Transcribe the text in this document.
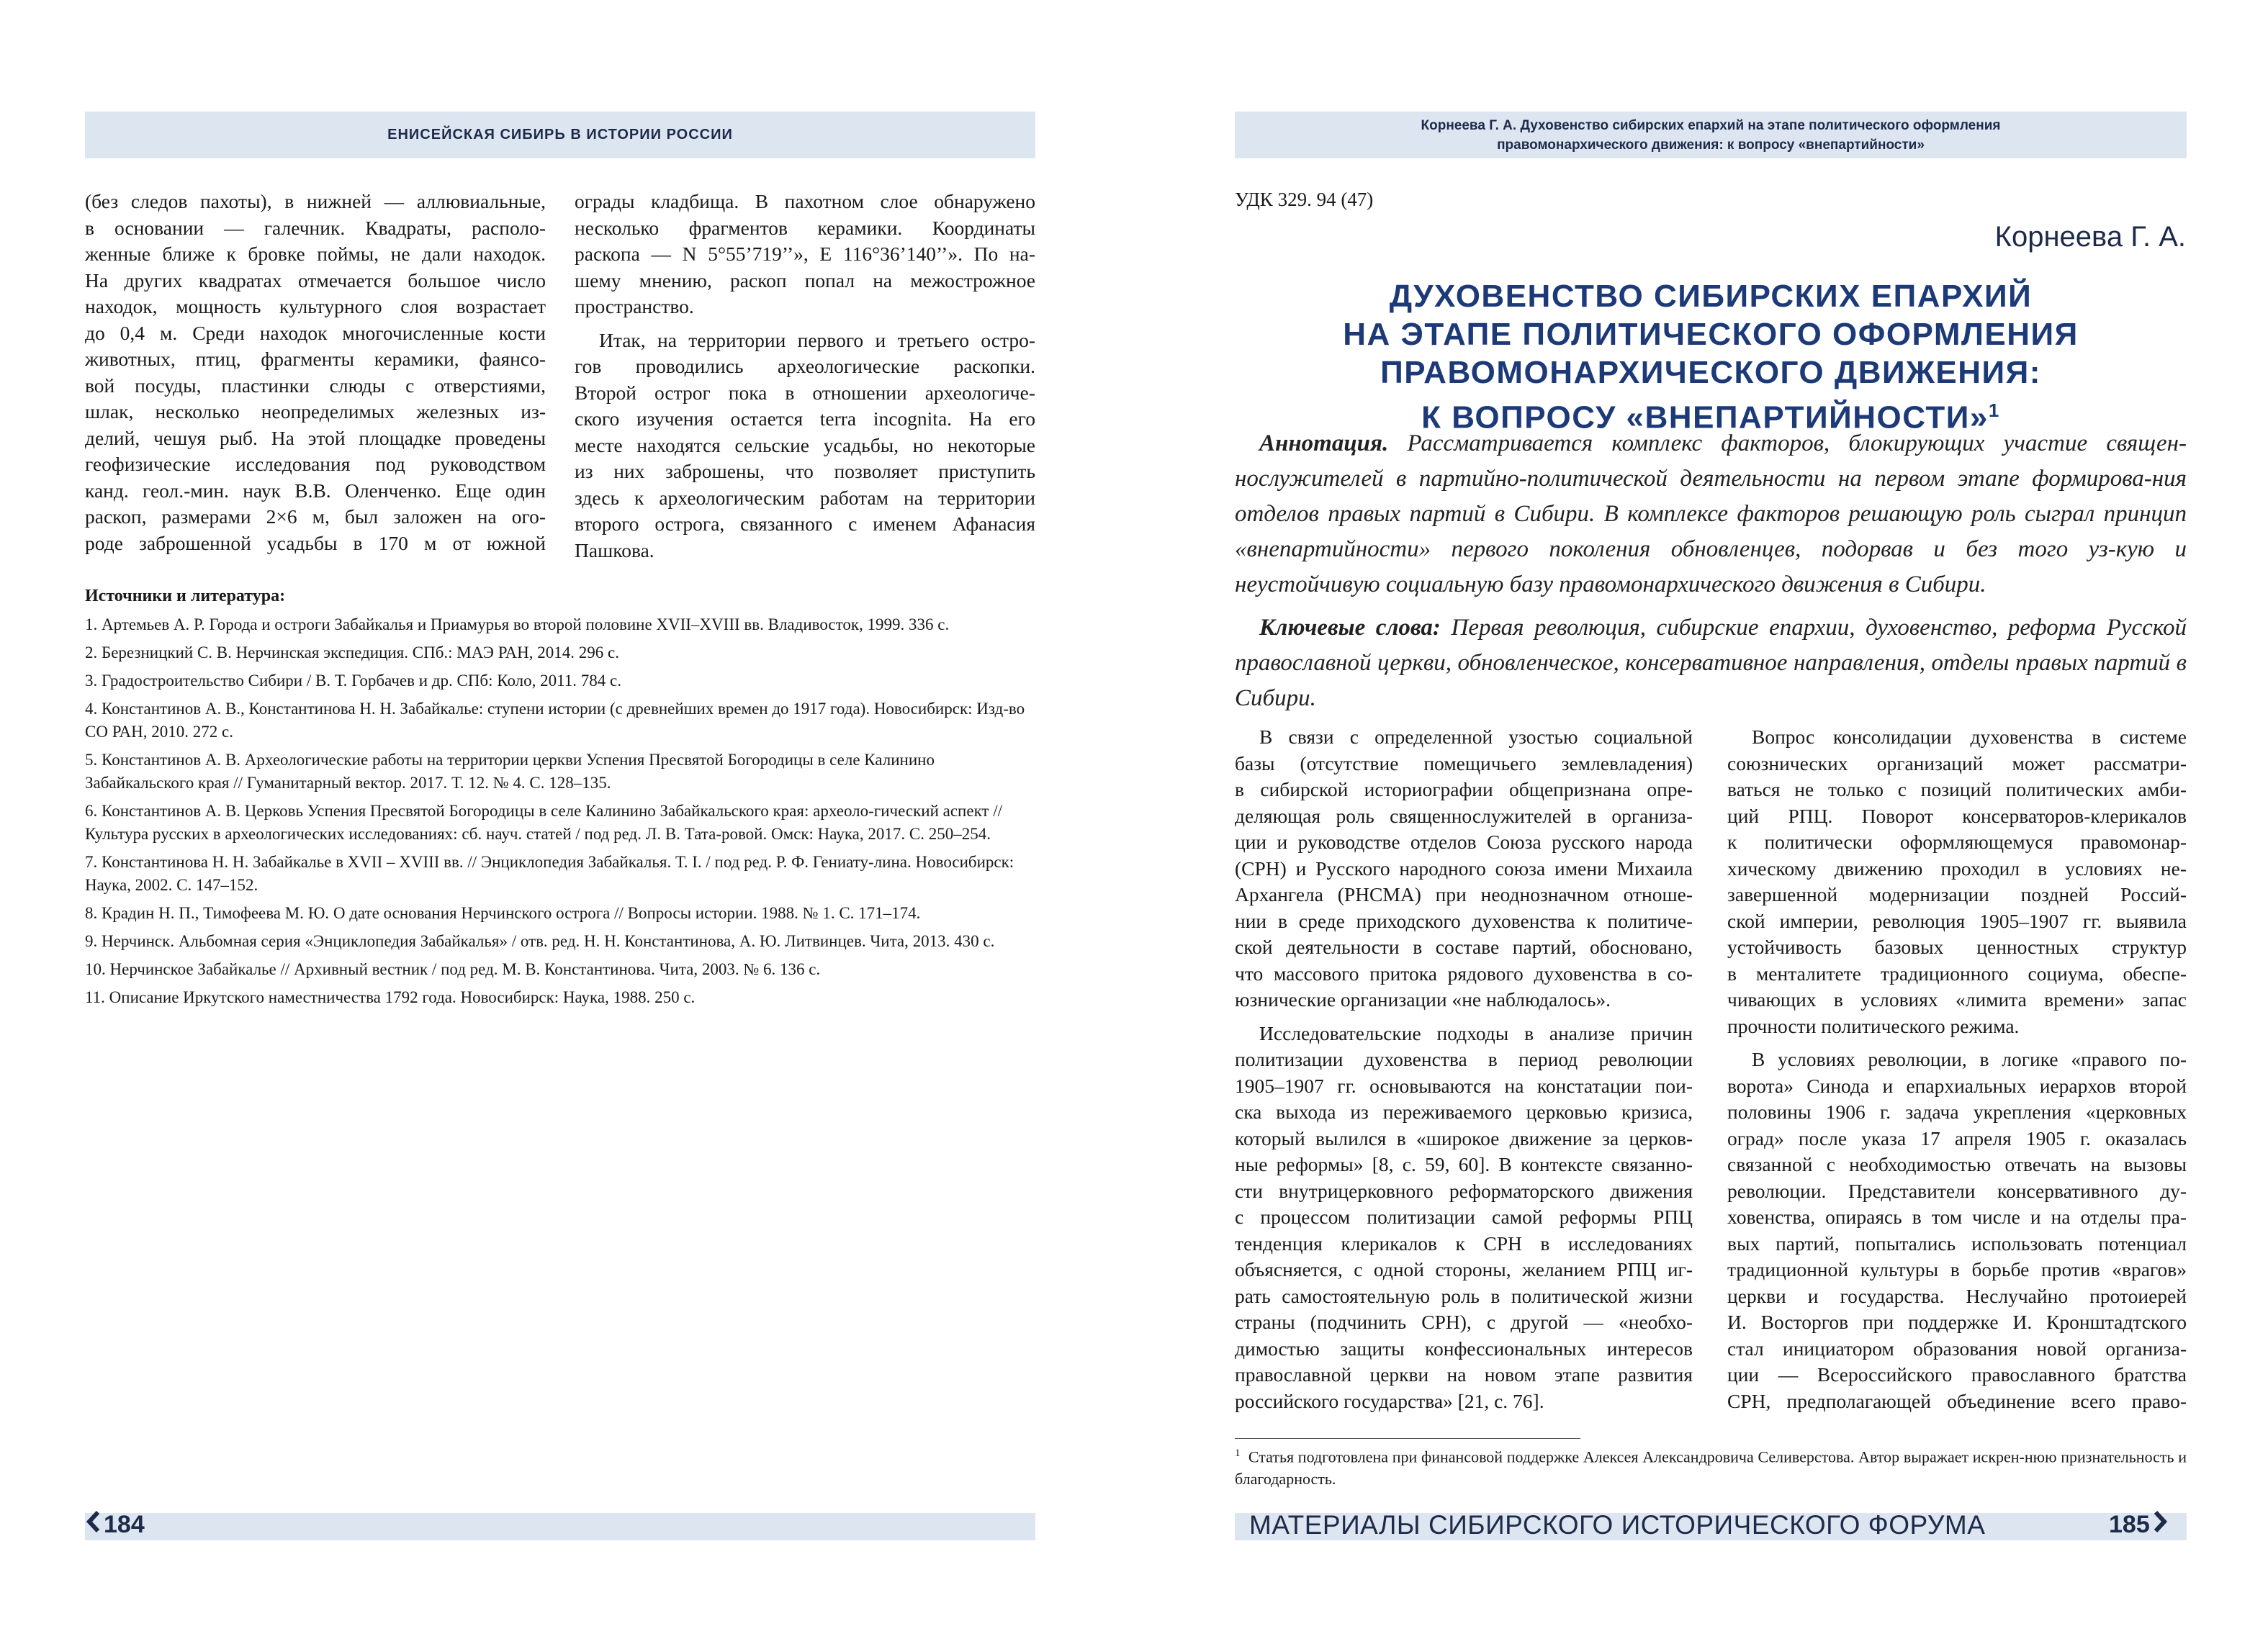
ЕНИСЕЙСКАЯ СИБИРЬ В ИСТОРИИ РОССИИ

(без следов пахоты), в нижней — аллювиальные,
в основании — галечник. Квадраты, располо-
женные ближе к бровке поймы, не дали находок.
На других квадратах отмечается большое число
находок, мощность культурного слоя возрастает
до 0,4 м. Среди находок многочисленные кости
животных, птиц, фрагменты керамики, фаянсо-
вой посуды, пластинки слюды с отверстиями,
шлак, несколько неопределимых железных из-
делий, чешуя рыб. На этой площадке проведены
геофизические исследования под руководством
канд. геол.-мин. наук В.В. Оленченко. Еще один
раскоп, размерами 2×6 м, был заложен на ого-
роде заброшенной усадьбы в 170 м от южной

ограды кладбища. В пахотном слое обнаружено
несколько фрагментов керамики. Координаты
раскопа — N 5°55’719’’», E 116°36’140’’». По на-
шему мнению, раскоп попал на межострожное
пространство.

Итак, на территории первого и третьего остро-
гов проводились археологические раскопки.
Второй острог пока в отношении археологиче-
ского изучения остается terra incognita. На его
месте находятся сельские усадьбы, но некоторые
из них заброшены, что позволяет приступить
здесь к археологическим работам на территории
второго острога, связанного с именем Афанасия
Пашкова.

Источники и литература:
1. Артемьев А. Р. Города и остроги Забайкалья и Приамурья во второй половине XVII–XVIII вв. Владивосток, 1999. 336 с.
2. Березницкий С. В. Нерчинская экспедиция. СПб.: МАЭ РАН, 2014. 296 с.
3. Градостроительство Сибири / В. Т. Горбачев и др. СПб: Коло, 2011. 784 с.
4. Константинов А. В., Константинова Н. Н. Забайкалье: ступени истории (с древнейших времен до 1917 года). Новосибирск: Изд-во СО РАН, 2010. 272 с.
5. Константинов А. В. Археологические работы на территории церкви Успения Пресвятой Богородицы в селе Калинино Забайкальского края // Гуманитарный вектор. 2017. Т. 12. № 4. С. 128–135.
6. Константинов А. В. Церковь Успения Пресвятой Богородицы в селе Калинино Забайкальского края: археоло-гический аспект // Культура русских в археологических исследованиях: сб. науч. статей / под ред. Л. В. Тата-ровой. Омск: Наука, 2017. С. 250–254.
7. Константинова Н. Н. Забайкалье в XVII – XVIII вв. // Энциклопедия Забайкалья. Т. I. / под ред. Р. Ф. Гениату-лина. Новосибирск: Наука, 2002. С. 147–152.
8. Крадин Н. П., Тимофеева М. Ю. О дате основания Нерчинского острога // Вопросы истории. 1988. № 1. С. 171–174.
9. Нерчинск. Альбомная серия «Энциклопедия Забайкалья» / отв. ред. Н. Н. Константинова, А. Ю. Литвинцев. Чита, 2013. 430 с.
10. Нерчинское Забайкалье // Архивный вестник / под ред. М. В. Константинова. Чита, 2003. № 6. 136 с.
11. Описание Иркутского наместничества 1792 года. Новосибирск: Наука, 1988. 250 с.
184
Корнеева Г. А. Духовенство сибирских епархий на этапе политического оформления
правомонархического движения: к вопросу «внепартийности»
УДК 329. 94 (47)
Корнеева Г. А.
ДУХОВЕНСТВО СИБИРСКИХ ЕПАРХИЙ
НА ЭТАПЕ ПОЛИТИЧЕСКОГО ОФОРМЛЕНИЯ
ПРАВОМОНАРХИЧЕСКОГО ДВИЖЕНИЯ:
К ВОПРОСУ «ВНЕПАРТИЙНОСТИ»$^1$
Аннотация. Рассматривается комплекс факторов, блокирующих участие священ-нослужителей в партийно-политической деятельности на первом этапе формирова-ния отделов правых партий в Сибири. В комплексе факторов решающую роль сыграл принцип «внепартийности» первого поколения обновленцев, подорвав и без того уз-кую и неустойчивую социальную базу правомонархического движения в Сибири.
Ключевые слова: Первая революция, сибирские епархии, духовенство, реформа Русской православной церкви, обновленческое, консервативное направления, отделы правых партий в Сибири.

В связи с определенной узостью социальной
базы (отсутствие помещичьего землевладения)
в сибирской историографии общепризнана опре-
деляющая роль священнослужителей в организа-
ции и руководстве отделов Союза русского народа
(СРН) и Русского народного союза имени Михаила
Архангела (РНСМА) при неоднозначном отноше-
нии в среде приходского духовенства к политиче-
ской деятельности в составе партий, обосновано,
что массового притока рядового духовенства в со-
юзнические организации «не наблюдалось».

Исследовательские подходы в анализе причин
политизации духовенства в период революции
1905–1907 гг. основываются на констатации пои-
ска выхода из переживаемого церковью кризиса,
который вылился в «широкое движение за церков-
ные реформы» [8, с. 59, 60]. В контексте связанно-
сти внутрицерковного реформаторского движения
с процессом политизации самой реформы РПЦ
тенденция клерикалов к СРН в исследованиях
объясняется, с одной стороны, желанием РПЦ иг-
рать самостоятельную роль в политической жизни
страны (подчинить СРН), с другой — «необхо-
димостью защиты конфессиональных интересов
православной церкви на новом этапе развития
российского государства» [21, с. 76].

Вопрос консолидации духовенства в системе
союзнических организаций может рассматри-
ваться не только с позиций политических амби-
ций РПЦ. Поворот консерваторов-клерикалов
к политически оформляющемуся правомонар-
хическому движению проходил в условиях не-
завершенной модернизации поздней Россий-
ской империи, революция 1905–1907 гг. выявила
устойчивость базовых ценностных структур
в менталитете традиционного социума, обеспе-
чивающих в условиях «лимита времени» запас
прочности политического режима.

В условиях революции, в логике «правого по-
ворота» Синода и епархиальных иерархов второй
половины 1906 г. задача укрепления «церковных
оград» после указа 17 апреля 1905 г. оказалась
связанной с необходимостью отвечать на вызовы
революции. Представители консервативного ду-
ховенства, опираясь в том числе и на отделы пра-
вых партий, попытались использовать потенциал
традиционной культуры в борьбе против «врагов»
церкви и государства. Неслучайно протоиерей
И. Восторгов при поддержке И. Кронштадтского
стал инициатором образования новой организа-
ции — Всероссийского православного братства
СРН, предполагающей объединение всего право-

$^1$ Статья подготовлена при финансовой поддержке Алексея Александровича Селиверстова. Автор выражает искрен-нюю признательность и благодарность.
МАТЕРИАЛЫ СИБИРСКОГО ИСТОРИЧЕСКОГО ФОРУМА	185
